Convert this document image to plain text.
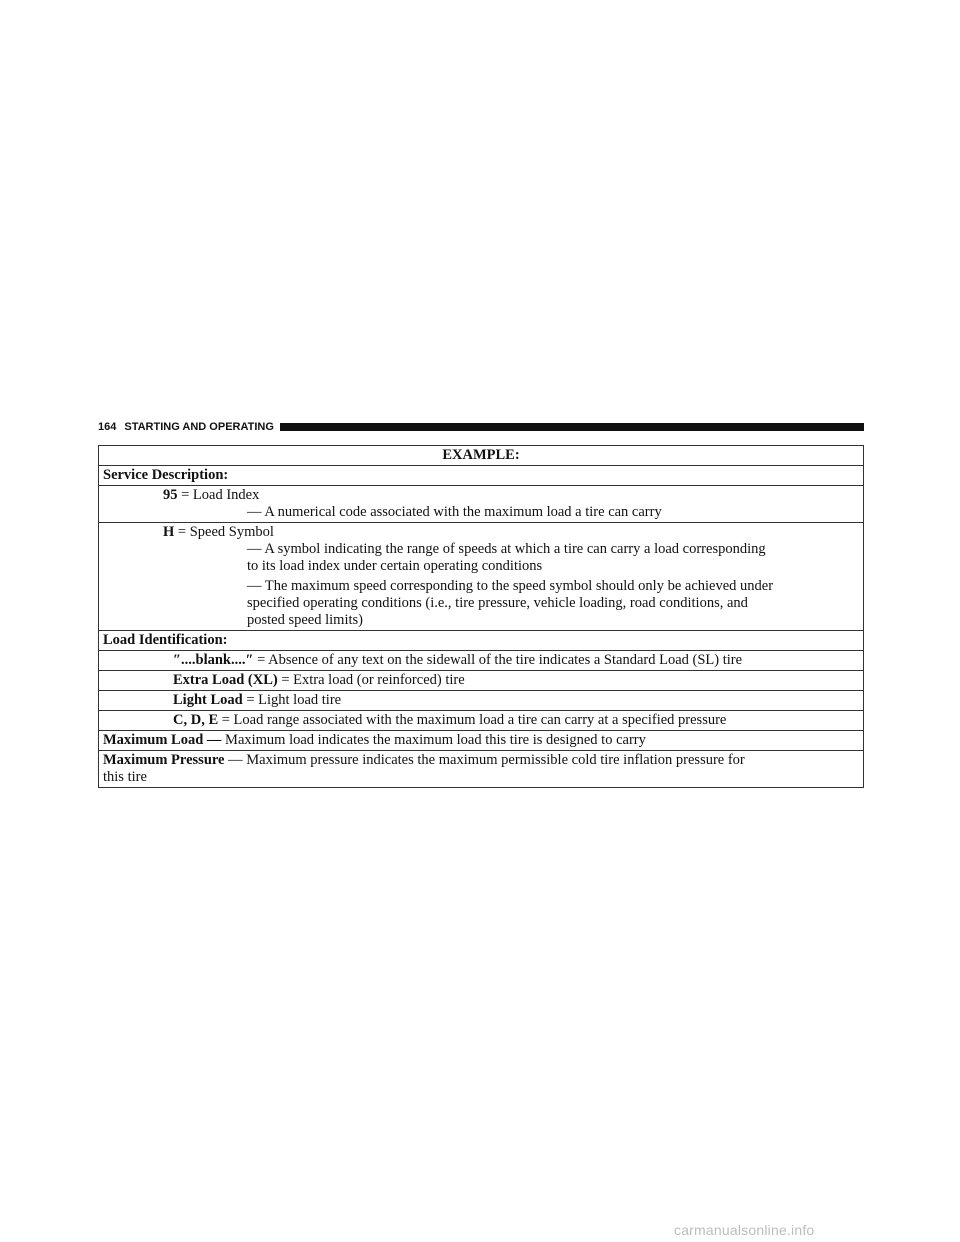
164 STARTING AND OPERATING
EXAMPLE:
Service Description:
95 = Load Index
— A numerical code associated with the maximum load a tire can carry
H = Speed Symbol
— A symbol indicating the range of speeds at which a tire can carry a load corresponding
to its load index under certain operating conditions
— The maximum speed corresponding to the speed symbol should only be achieved under
specified operating conditions (i.e., tire pressure, vehicle loading, road conditions, and
posted speed limits)
Load Identification:
″....blank....″ = Absence of any text on the sidewall of the tire indicates a Standard Load (SL) tire
Extra Load (XL) = Extra load (or reinforced) tire
Light Load = Light load tire
C, D, E = Load range associated with the maximum load a tire can carry at a specified pressure
Maximum Load — Maximum load indicates the maximum load this tire is designed to carry
Maximum Pressure — Maximum pressure indicates the maximum permissible cold tire inflation pressure for
this tire
carmanualsonline.info
